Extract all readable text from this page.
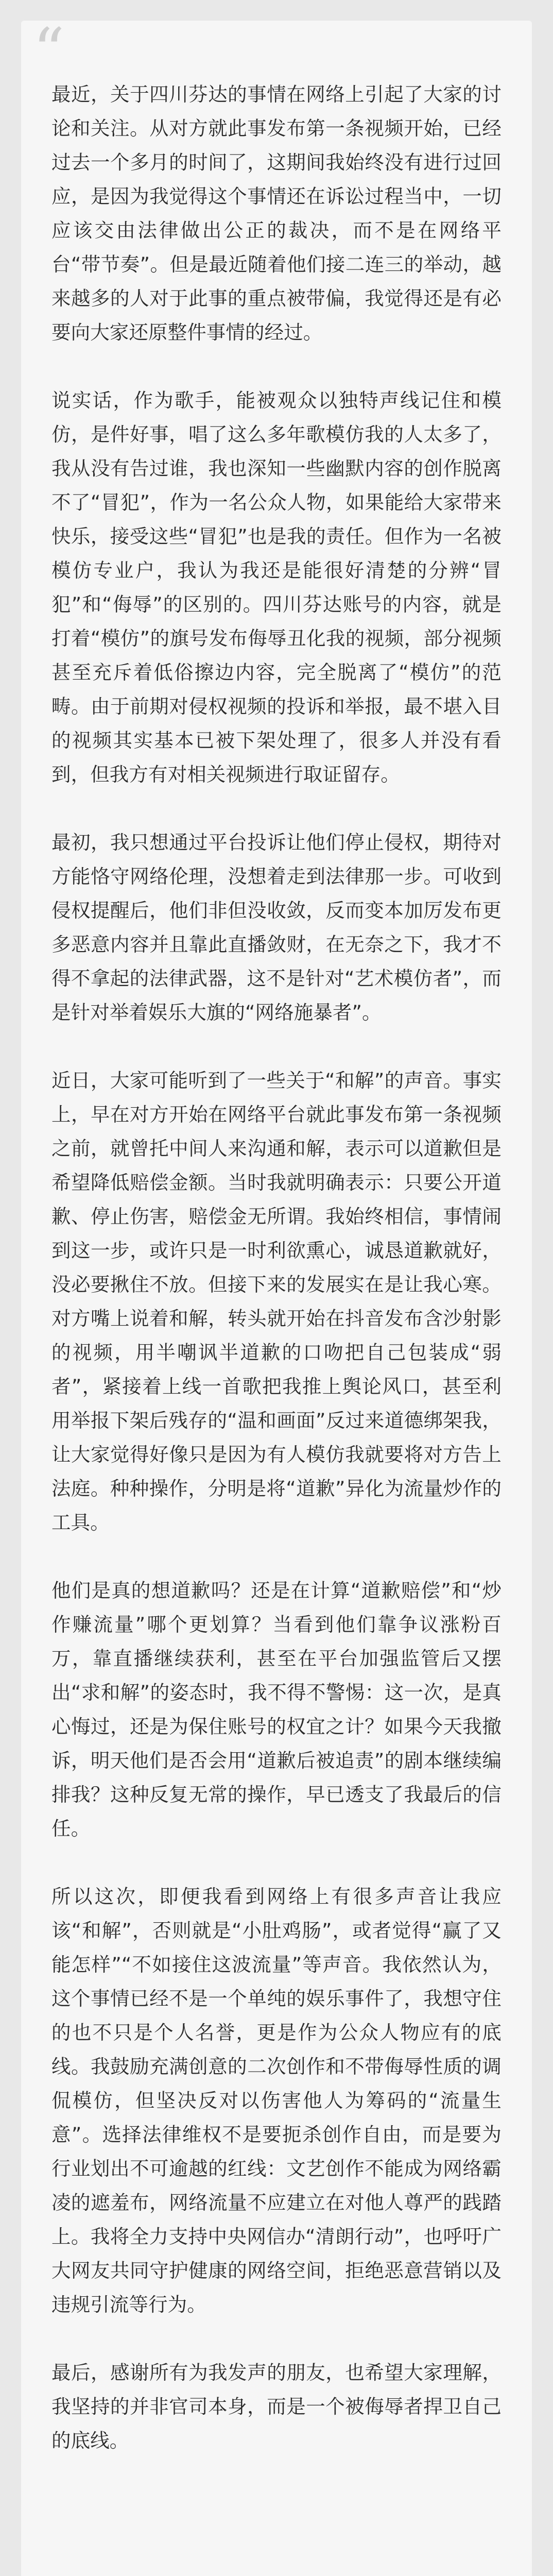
“

最近，关于四川芬达的事情在网络上引起了大家的讨论和关注。从对方就此事发布第一条视频开始，已经过去一个多月的时间了，这期间我始终没有进行过回应，是因为我觉得这个事情还在诉讼过程当中，一切应该交由法律做出公正的裁决，而不是在网络平台“带节奏”。但是最近随着他们接二连三的举动，越来越多的人对于此事的重点被带偏，我觉得还是有必要向大家还原整件事情的经过。

说实话，作为歌手，能被观众以独特声线记住和模仿，是件好事，唱了这么多年歌模仿我的人太多了，我从没有告过谁，我也深知一些幽默内容的创作脱离不了“冒犯”，作为一名公众人物，如果能给大家带来快乐，接受这些“冒犯”也是我的责任。但作为一名被模仿专业户，我认为我还是能很好清楚的分辨“冒犯”和“侮辱”的区别的。四川芬达账号的内容，就是打着“模仿”的旗号发布侮辱丑化我的视频，部分视频甚至充斥着低俗擦边内容，完全脱离了“模仿”的范畴。由于前期对侵权视频的投诉和举报，最不堪入目的视频其实基本已被下架处理了，很多人并没有看到，但我方有对相关视频进行取证留存。

最初，我只想通过平台投诉让他们停止侵权，期待对方能恪守网络伦理，没想着走到法律那一步。可收到侵权提醒后，他们非但没收敛，反而变本加厉发布更多恶意内容并且靠此直播敛财，在无奈之下，我才不得不拿起的法律武器，这不是针对“艺术模仿者”，而是针对举着娱乐大旗的“网络施暴者”。

近日，大家可能听到了一些关于“和解”的声音。事实上，早在对方开始在网络平台就此事发布第一条视频之前，就曾托中间人来沟通和解，表示可以道歉但是希望降低赔偿金额。当时我就明确表示：只要公开道歉、停止伤害，赔偿金无所谓。我始终相信，事情闹到这一步，或许只是一时利欲熏心，诚恳道歉就好，没必要揪住不放。但接下来的发展实在是让我心寒。对方嘴上说着和解，转头就开始在抖音发布含沙射影的视频，用半嘲讽半道歉的口吻把自己包装成“弱者”，紧接着上线一首歌把我推上舆论风口，甚至利用举报下架后残存的“温和画面”反过来道德绑架我，让大家觉得好像只是因为有人模仿我就要将对方告上法庭。种种操作，分明是将“道歉”异化为流量炒作的工具。

他们是真的想道歉吗？还是在计算“道歉赔偿”和“炒作赚流量”哪个更划算？当看到他们靠争议涨粉百万，靠直播继续获利，甚至在平台加强监管后又摆出“求和解”的姿态时，我不得不警惕：这一次，是真心悔过，还是为保住账号的权宜之计？如果今天我撤诉，明天他们是否会用“道歉后被追责”的剧本继续编排我？这种反复无常的操作，早已透支了我最后的信任。

所以这次，即便我看到网络上有很多声音让我应该“和解”，否则就是“小肚鸡肠”，或者觉得“赢了又能怎样”“不如接住这波流量”等声音。我依然认为，这个事情已经不是一个单纯的娱乐事件了，我想守住的也不只是个人名誉，更是作为公众人物应有的底线。我鼓励充满创意的二次创作和不带侮辱性质的调侃模仿，但坚决反对以伤害他人为筹码的“流量生意”。选择法律维权不是要扼杀创作自由，而是要为行业划出不可逾越的红线：文艺创作不能成为网络霸凌的遮羞布，网络流量不应建立在对他人尊严的践踏上。我将全力支持中央网信办“清朗行动”，也呼吁广大网友共同守护健康的网络空间，拒绝恶意营销以及违规引流等行为。

最后，感谢所有为我发声的朋友，也希望大家理解，我坚持的并非官司本身，而是一个被侮辱者捍卫自己的底线。
